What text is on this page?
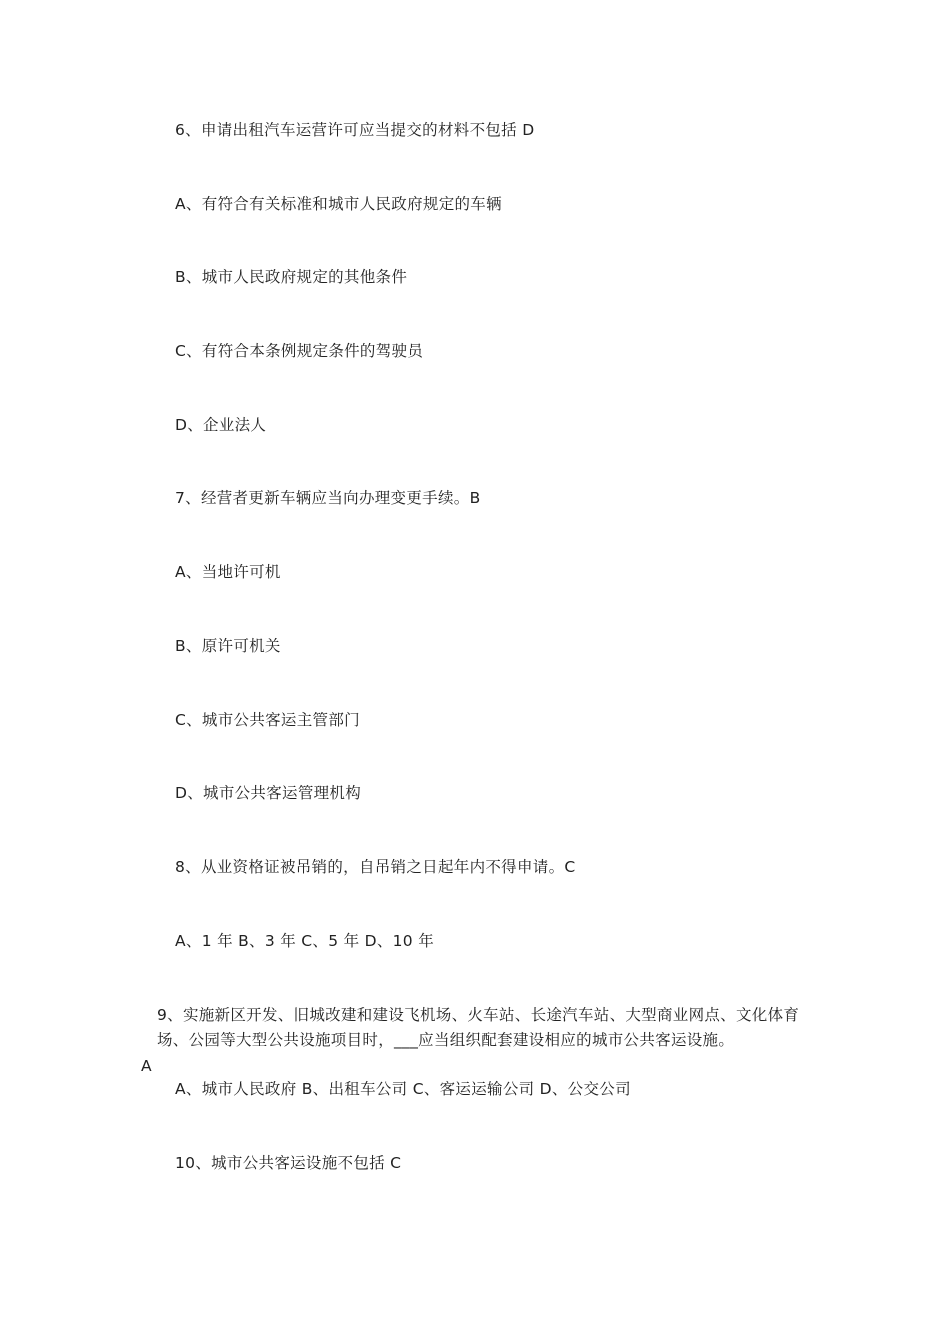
6、申请出租汽车运营许可应当提交的材料不包括 D
A、有符合有关标准和城市人民政府规定的车辆
B、城市人民政府规定的其他条件
C、有符合本条例规定条件的驾驶员
D、企业法人
7、经营者更新车辆应当向办理变更手续。B
A、当地许可机
B、原许可机关
C、城市公共客运主管部门
D、城市公共客运管理机构
8、从业资格证被吊销的，自吊销之日起年内不得申请。C
A、1 年 B、3 年 C、5 年 D、10 年
9、实施新区开发、旧城改建和建设飞机场、火车站、长途汽车站、大型商业网点、文化体育场、公园等大型公共设施项目时，___应当组织配套建设相应的城市公共客运设施。
A
A、城市人民政府 B、出租车公司 C、客运运输公司 D、公交公司
10、城市公共客运设施不包括 C
